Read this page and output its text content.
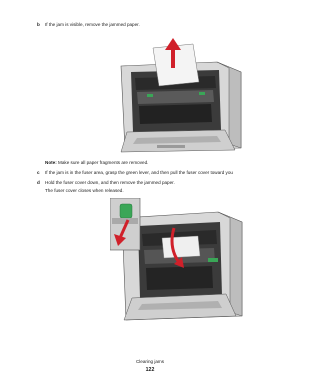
b If the jam is visible, remove the jammed paper.
Note: Make sure all paper fragments are removed.
c If the jam is in the fuser area, grasp the green lever, and then pull the fuser cover toward you
d Hold the fuser cover down, and then remove the jammed paper.
The fuser cover closes when released.
Clearing jams
122
